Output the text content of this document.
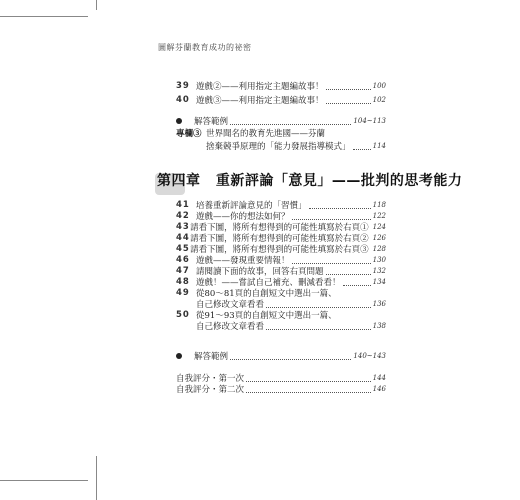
圖解芬蘭教育成功的祕密
39 遊戲②——利用指定主題編故事！	100
40 遊戲③——利用指定主題編故事！	102
解答範例	104~113
專欄③ 世界聞名的教育先進國——芬蘭
捨棄競爭原理的「能力發展指導模式」	114
第四章 重新評論「意見」——批判的思考能力
41 培養重新評論意見的「習慣」	118
42 遊戲——你的想法如何？	122
43 請看下圖，將所有想得到的可能性填寫於右頁① 124
44 請看下圖，將所有想得到的可能性填寫於右頁② 126
45 請看下圖，將所有想得到的可能性填寫於右頁③ 128
46 遊戲——發現重要情報！	130
47 請閱讀下面的故事，回答右頁問題	132
48 遊戲！——嘗試自己補充、刪減看看！	134
49 從80～81頁的自創短文中選出一篇、
自己修改文章看看	136
50 從91～93頁的自創短文中選出一篇、
自己修改文章看看	138
解答範例	140~143
自我評分・第一次	144
自我評分・第二次	146
